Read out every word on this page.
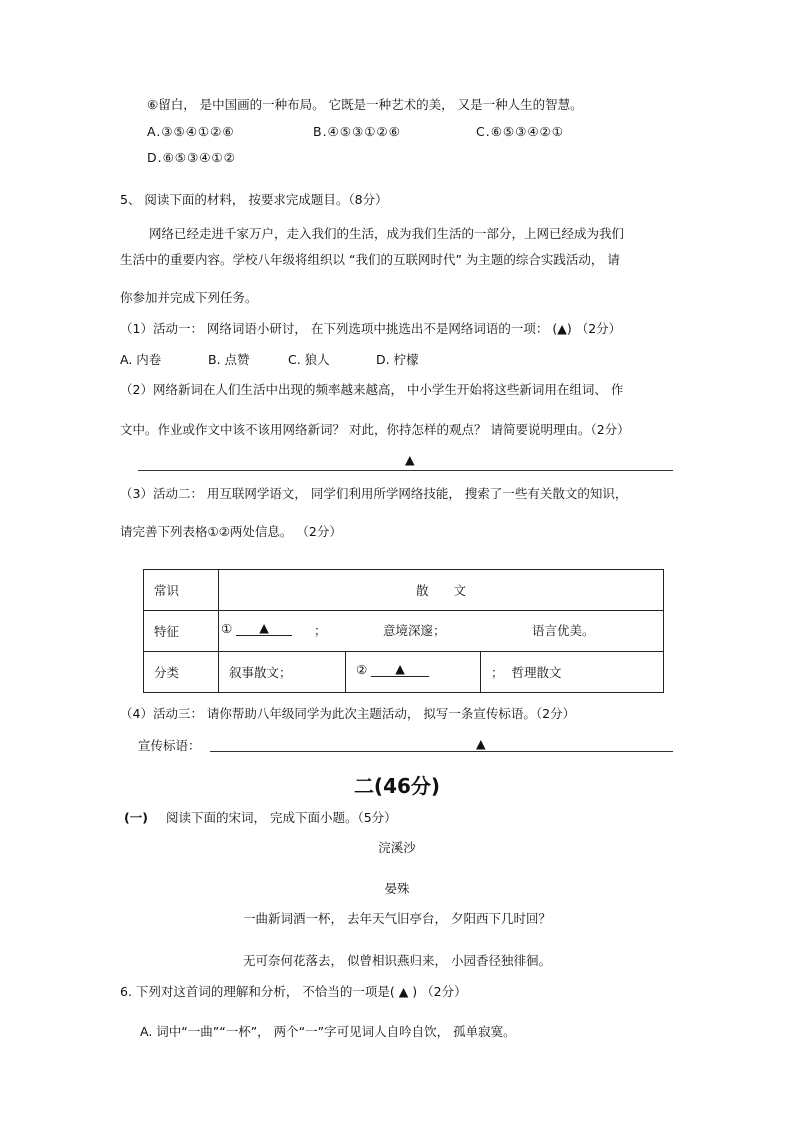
⑥留白， 是中国画的一种布局。 它既是一种艺术的美， 又是一种人生的智慧。
A.③⑤④①②⑥	B.④⑤③①②⑥	C.⑥⑤③④②①
D.⑥⑤③④①②
5、 阅读下面的材料， 按要求完成题目。（8分）
网络已经走进千家万户，走入我们的生活，成为我们生活的一部分，上网已经成为我们
生活中的重要内容。学校八年级将组织以 “我们的互联网时代” 为主题的综合实践活动， 请
你参加并完成下列任务。
（1）活动一： 网络词语小研讨， 在下列选项中挑选出不是网络词语的一项： (▲) （2分）
A. 内卷	B. 点赞	C. 狼人	D. 柠檬
（2）网络新词在人们生活中出现的频率越来越高， 中小学生开始将这些新词用在组词、 作
文中。作业或作文中该不该用网络新词？ 对此，你持怎样的观点？ 请简要说明理由。（2分）
▲
（3）活动二： 用互联网学语文， 同学们利用所学网络技能， 搜索了一些有关散文的知识，
请完善下列表格①②两处信息。 （2分）
常识	散　　文		
特征	① ▲ ； 意境深邃； 语言优美。		

分类	叙事散文；	② ▲	； 哲理散文
（4）活动三： 请你帮助八年级同学为此次主题活动， 拟写一条宣传标语。（2分）
宣传标语：	▲
二(46分)
(一) 阅读下面的宋词， 完成下面小题。（5分）
浣溪沙
晏殊
一曲新词酒一杯， 去年天气旧亭台， 夕阳西下几时回？
无可奈何花落去， 似曾相识燕归来， 小园香径独徘徊。
6. 下列对这首词的理解和分析， 不恰当的一项是( ▲ ) （2分）
A. 词中“一曲”“一杯”， 两个“一”字可见词人自吟自饮， 孤单寂寞。
